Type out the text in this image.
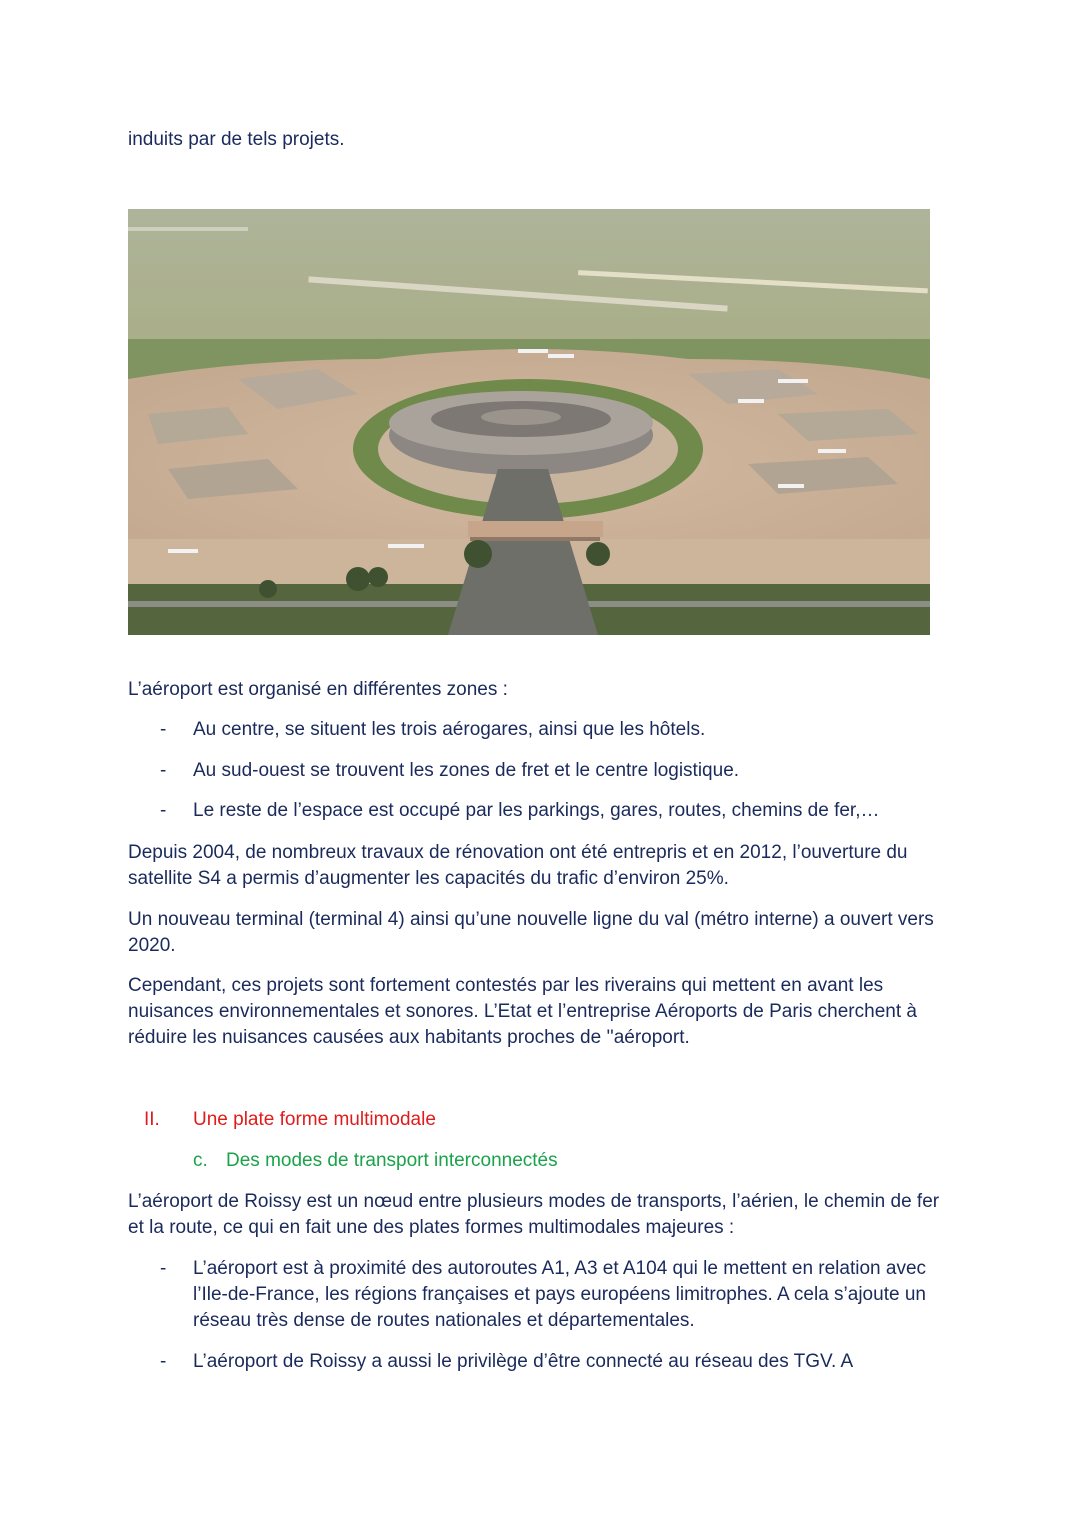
induits par de tels projets.

L’aéroport est organisé en différentes zones :

- Au centre, se situent les trois aérogares, ainsi que les hôtels.
- Au sud-ouest se trouvent les zones de fret et le centre logistique.
- Le reste de l’espace est occupé par les parkings, gares, routes, chemins de fer,…

Depuis 2004, de nombreux travaux de rénovation ont été entrepris et en 2012, l’ouverture du satellite S4 a permis d’augmenter les capacités du trafic d’environ 25%.

Un nouveau terminal (terminal 4) ainsi qu’une nouvelle ligne du val (métro interne) a ouvert vers 2020.

Cependant, ces projets sont fortement contestés par les riverains qui mettent en avant les nuisances environnementales et sonores. L’Etat et l’entreprise Aéroports de Paris cherchent à réduire les nuisances causées aux habitants proches de ''aéroport.

II. Une plate forme multimodale
c. Des modes de transport interconnectés

L’aéroport de Roissy est un nœud entre plusieurs modes de transports, l’aérien, le chemin de fer et la route, ce qui en fait une des plates formes multimodales majeures :

- L’aéroport est à proximité des autoroutes A1, A3 et A104 qui le mettent en relation avec l’Ile-de-France, les régions françaises et pays européens limitrophes. A cela s’ajoute un réseau très dense de routes nationales et départementales.
- L’aéroport de Roissy a aussi le privilège d’être connecté au réseau des TGV. A
